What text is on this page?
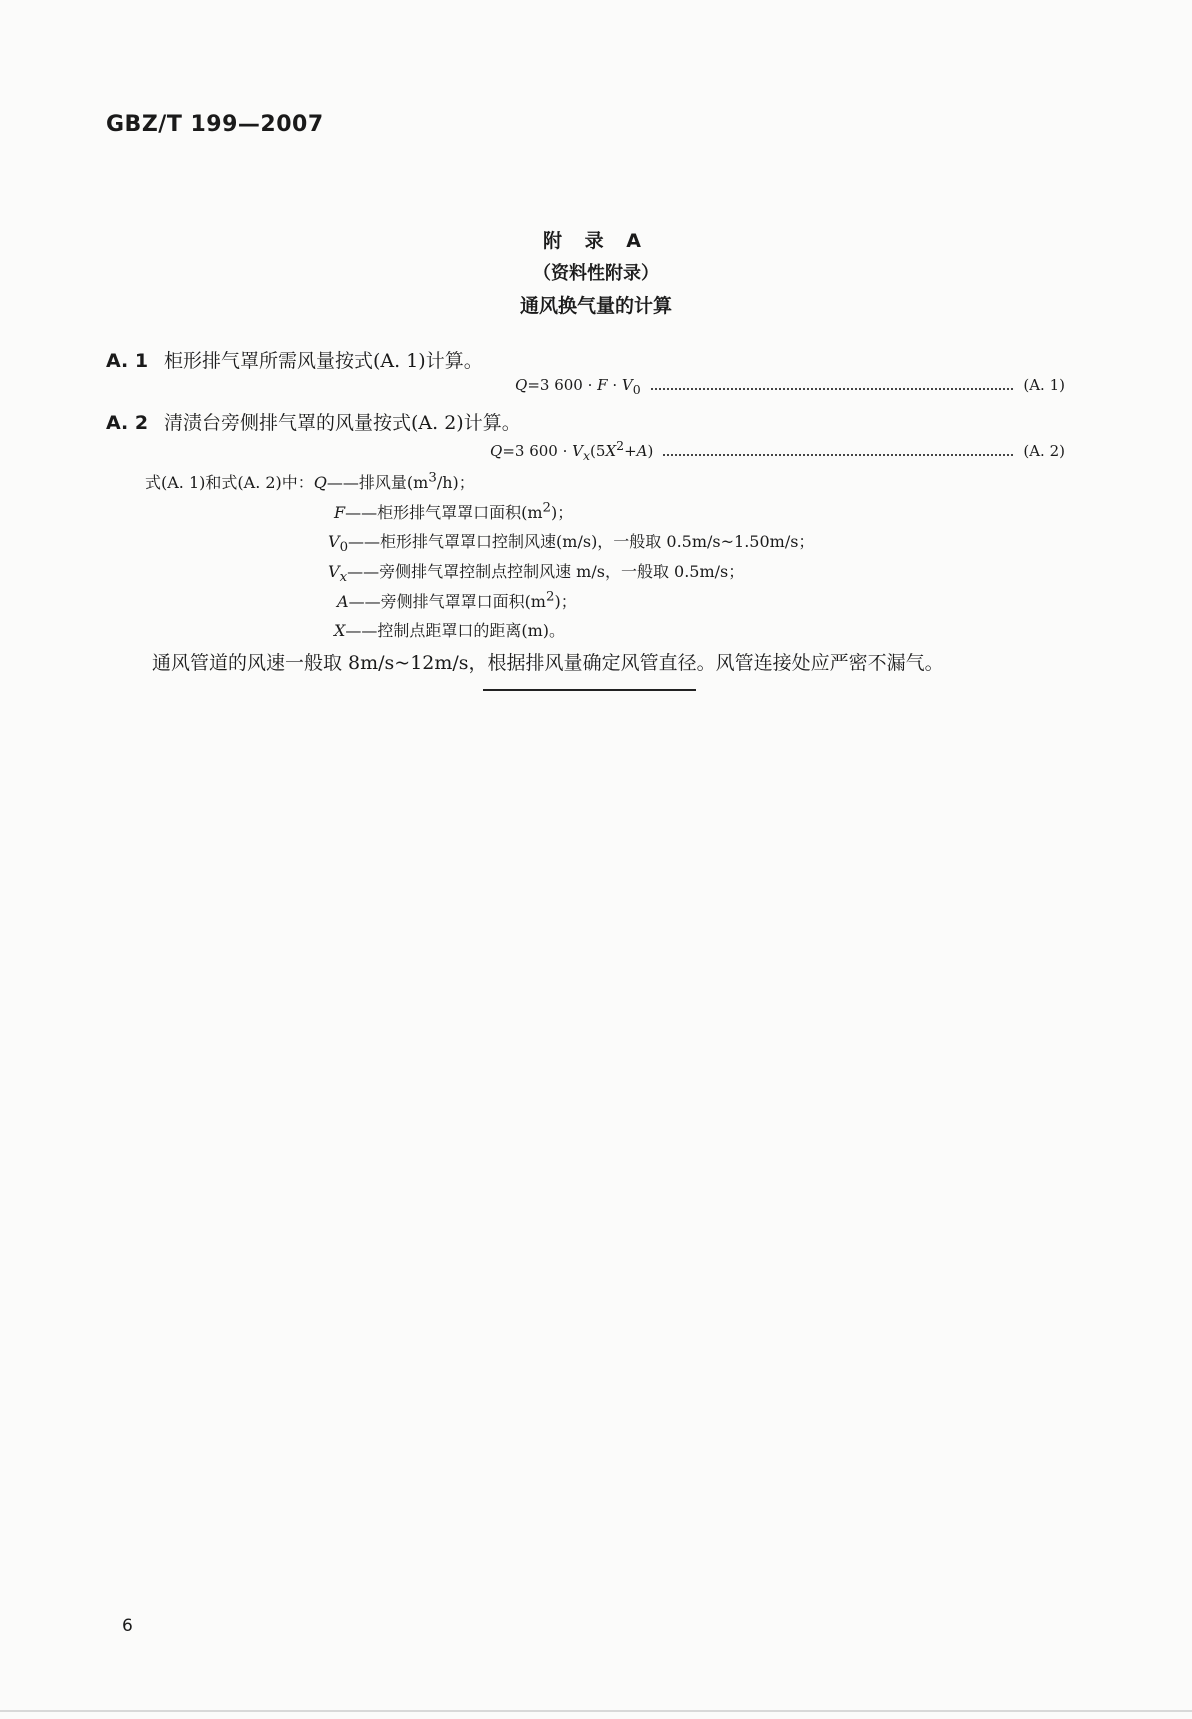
GBZ/T 199—2007
附 录 A
（资料性附录）
通风换气量的计算
A. 1 柜形排气罩所需风量按式(A. 1)计算。
Q=3 $600 \cdot F \cdot V_0$	(A. 1)
A. 2 清渍台旁侧排气罩的风量按式(A. 2)计算。
Q=3 $600 \cdot V_x(5X^2+A)$	(A. 2)
式(A. 1)和式(A. 2)中：Q——排风量$(m^3/h)$；
F——柜形排气罩罩口面积$(m^2)$；
$V_0——$柜形排气罩罩口控制风速(m/s)，一般取 0.5m/s~1.50m/s；
$V_x——$旁侧排气罩控制点控制风速 m/s，一般取 0.5m/s；
A——旁侧排气罩罩口面积$(m^2)$；
X——控制点距罩口的距离(m)。
通风管道的风速一般取 8m/s~12m/s，根据排风量确定风管直径。风管连接处应严密不漏气。
6
